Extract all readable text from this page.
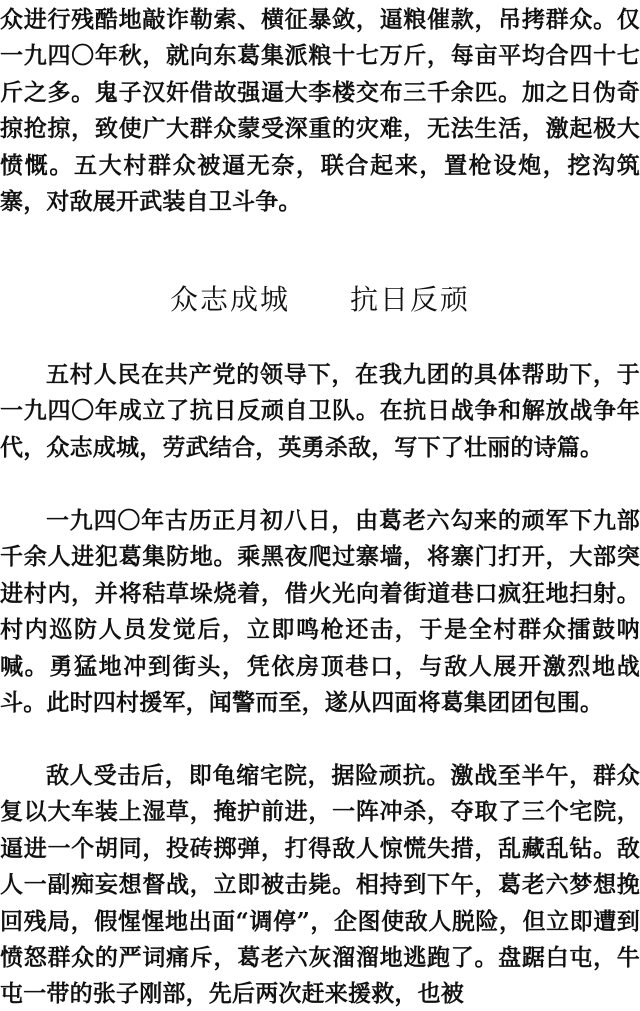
众进行残酷地敲诈勒索、横征暴敛，逼粮催款，吊拷群众。仅一九四〇年秋，就向东葛集派粮十七万斤，每亩平均合四十七斤之多。鬼子汉奸借故强逼大李楼交布三千余匹。加之日伪奇掠抢掠，致使广大群众蒙受深重的灾难，无法生活，激起极大愤慨。五大村群众被逼无奈，联合起来，置枪设炮，挖沟筑寨，对敌展开武装自卫斗争。

众志成城 抗日反顽

五村人民在共产党的领导下，在我九团的具体帮助下，于一九四〇年成立了抗日反顽自卫队。在抗日战争和解放战争年代，众志成城，劳武结合，英勇杀敌，写下了壮丽的诗篇。

一九四〇年古历正月初八日，由葛老六勾来的顽军下九部千余人进犯葛集防地。乘黑夜爬过寨墙，将寨门打开，大部突进村内，并将秸草垛烧着，借火光向着街道巷口疯狂地扫射。村内巡防人员发觉后，立即鸣枪还击，于是全村群众擂鼓呐喊。勇猛地冲到街头，凭依房顶巷口，与敌人展开激烈地战斗。此时四村援军，闻警而至，遂从四面将葛集团团包围。

敌人受击后，即龟缩宅院，据险顽抗。激战至半午，群众复以大车装上湿草，掩护前进，一阵冲杀，夺取了三个宅院，逼进一个胡同，投砖掷弹，打得敌人惊慌失措，乱藏乱钻。敌人一副痴妄想督战，立即被击毙。相持到下午，葛老六梦想挽回残局，假惺惺地出面“调停”，企图使敌人脱险，但立即遭到愤怒群众的严词痛斥，葛老六灰溜溜地逃跑了。盘踞白屯，牛屯一带的张子刚部，先后两次赶来援救，也被
